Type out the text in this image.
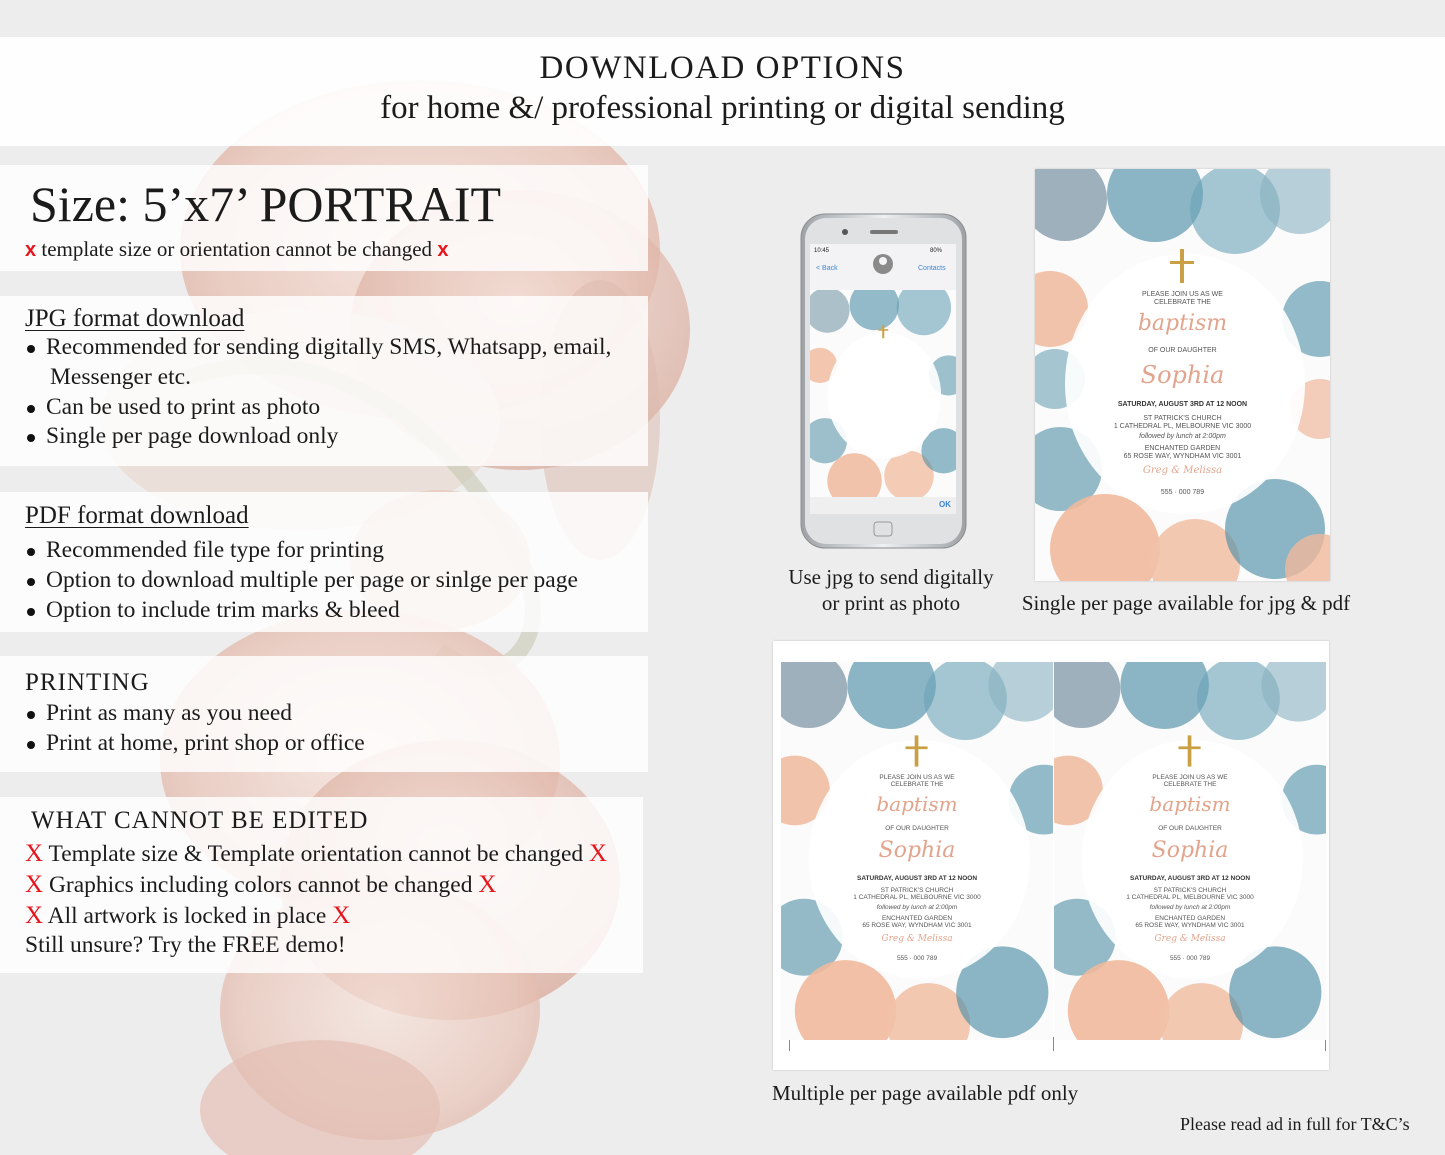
DOWNLOAD OPTIONS
for home &/ professional printing or digital sending
Size: 5’x7’ PORTRAIT
x template size or orientation cannot be changed x
JPG format download
Recommended for sending digitally SMS, Whatsapp, email,
Messenger etc.
Can be used to print as photo
Single per page download only
PDF format download
Recommended file type for printing
Option to download multiple per page or sinlge per page
Option to include trim marks & bleed
PRINTING
Print as many as you need
Print at home, print shop or office
WHAT CANNOT BE EDITED
X Template size & Template orientation cannot be changed X
X Graphics including colors cannot be changed X
X All artwork is locked in place X
Still unsure? Try the FREE demo!
10:45	80%
< Back	Contacts
OK
PLEASE JOIN US AS WE
CELEBRATE THE
baptism
OF OUR DAUGHTER
Sophia
SATURDAY, AUGUST 3RD AT 12 NOON
ST PATRICK'S CHURCH
1 CATHEDRAL PL, MELBOURNE VIC 3000
followed by lunch at 2:00pm
ENCHANTED GARDEN
65 ROSE WAY, WYNDHAM VIC 3001
Greg & Melissa
555 · 000 789
Use jpg to send digitally
or print as photo	Single per page available for jpg & pdf
PLEASE JOIN US AS WE
CELEBRATE THE
baptism
OF OUR DAUGHTER
Sophia
SATURDAY, AUGUST 3RD AT 12 NOON
ST PATRICK'S CHURCH
1 CATHEDRAL PL, MELBOURNE VIC 3000
followed by lunch at 2:00pm
ENCHANTED GARDEN
65 ROSE WAY, WYNDHAM VIC 3001
Greg & Melissa
555 · 000 789
PLEASE JOIN US AS WE
CELEBRATE THE
baptism
OF OUR DAUGHTER
Sophia
SATURDAY, AUGUST 3RD AT 12 NOON
ST PATRICK'S CHURCH
1 CATHEDRAL PL, MELBOURNE VIC 3000
followed by lunch at 2:00pm
ENCHANTED GARDEN
65 ROSE WAY, WYNDHAM VIC 3001
Greg & Melissa
555 · 000 789
Multiple per page available pdf only
Please read ad in full for T&C’s
